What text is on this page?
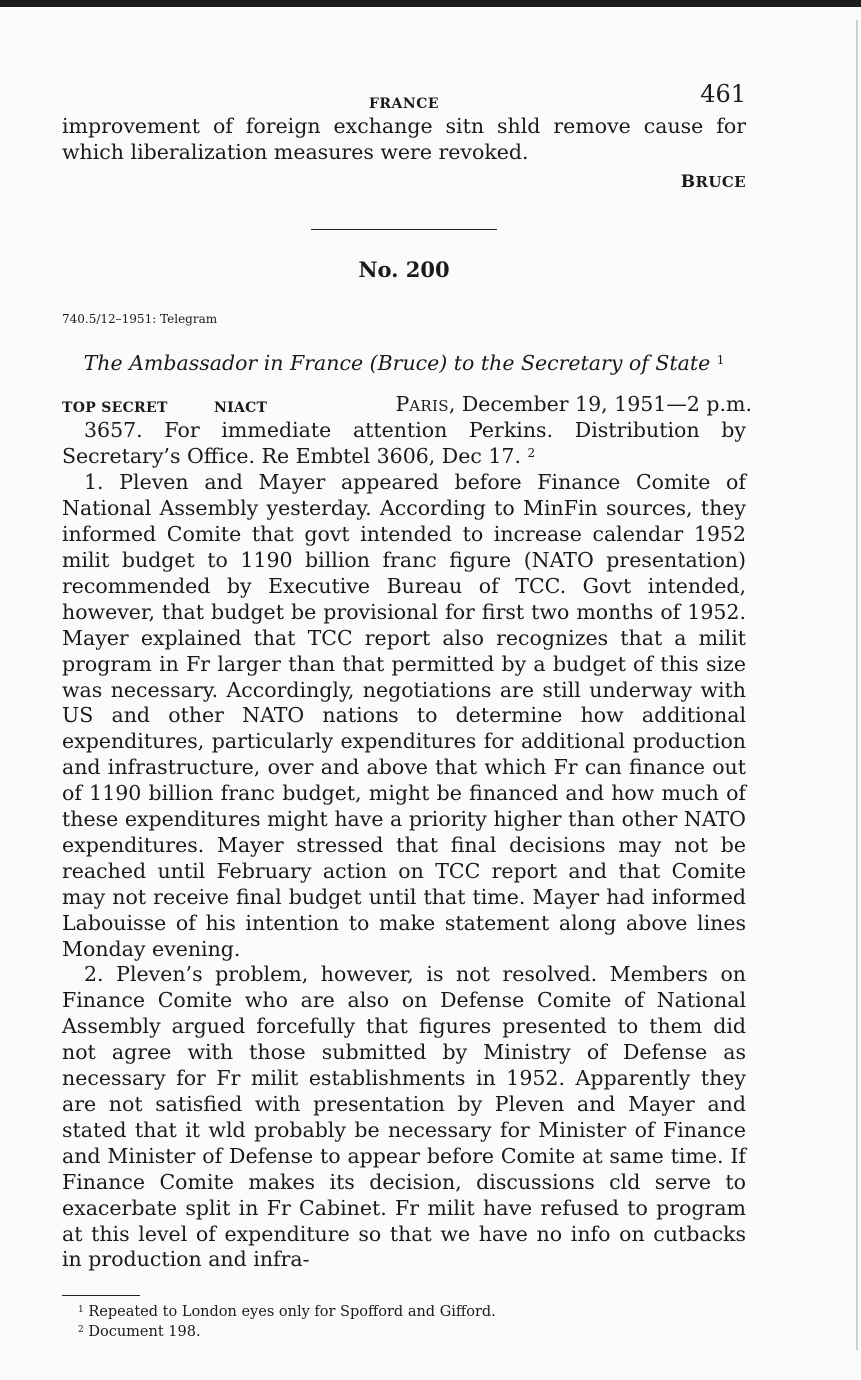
FRANCE	461

improvement of foreign exchange sitn shld remove cause for which liberalization measures were revoked.

BRUCE
No. 200
740.5/12–1951: Telegram
The Ambassador in France (Bruce) to the Secretary of State $^1$
TOP SECRET	NIACT	PARIS, December 19, 1951—2 p.m.

3657. For immediate attention Perkins. Distribution by Secretary’s Office. Re Embtel 3606, Dec 17. $^2$

1. Pleven and Mayer appeared before Finance Comite of National Assembly yesterday. According to MinFin sources, they informed Comite that govt intended to increase calendar 1952 milit budget to 1190 billion franc figure (NATO presentation) recommended by Executive Bureau of TCC. Govt intended, however, that budget be provisional for first two months of 1952. Mayer explained that TCC report also recognizes that a milit program in Fr larger than that permitted by a budget of this size was necessary. Accordingly, negotiations are still underway with US and other NATO nations to determine how additional expenditures, particularly expenditures for additional production and infrastructure, over and above that which Fr can finance out of 1190 billion franc budget, might be financed and how much of these expenditures might have a priority higher than other NATO expenditures. Mayer stressed that final decisions may not be reached until February action on TCC report and that Comite may not receive final budget until that time. Mayer had informed Labouisse of his intention to make statement along above lines Monday evening.

2. Pleven’s problem, however, is not resolved. Members on Finance Comite who are also on Defense Comite of National Assembly argued forcefully that figures presented to them did not agree with those submitted by Ministry of Defense as necessary for Fr milit establishments in 1952. Apparently they are not satisfied with presentation by Pleven and Mayer and stated that it wld probably be necessary for Minister of Finance and Minister of Defense to appear before Comite at same time. If Finance Comite makes its decision, discussions cld serve to exacerbate split in Fr Cabinet. Fr milit have refused to program at this level of expenditure so that we have no info on cutbacks in production and infra-

$^1$ Repeated to London eyes only for Spofford and Gifford.
$^2$ Document 198.
